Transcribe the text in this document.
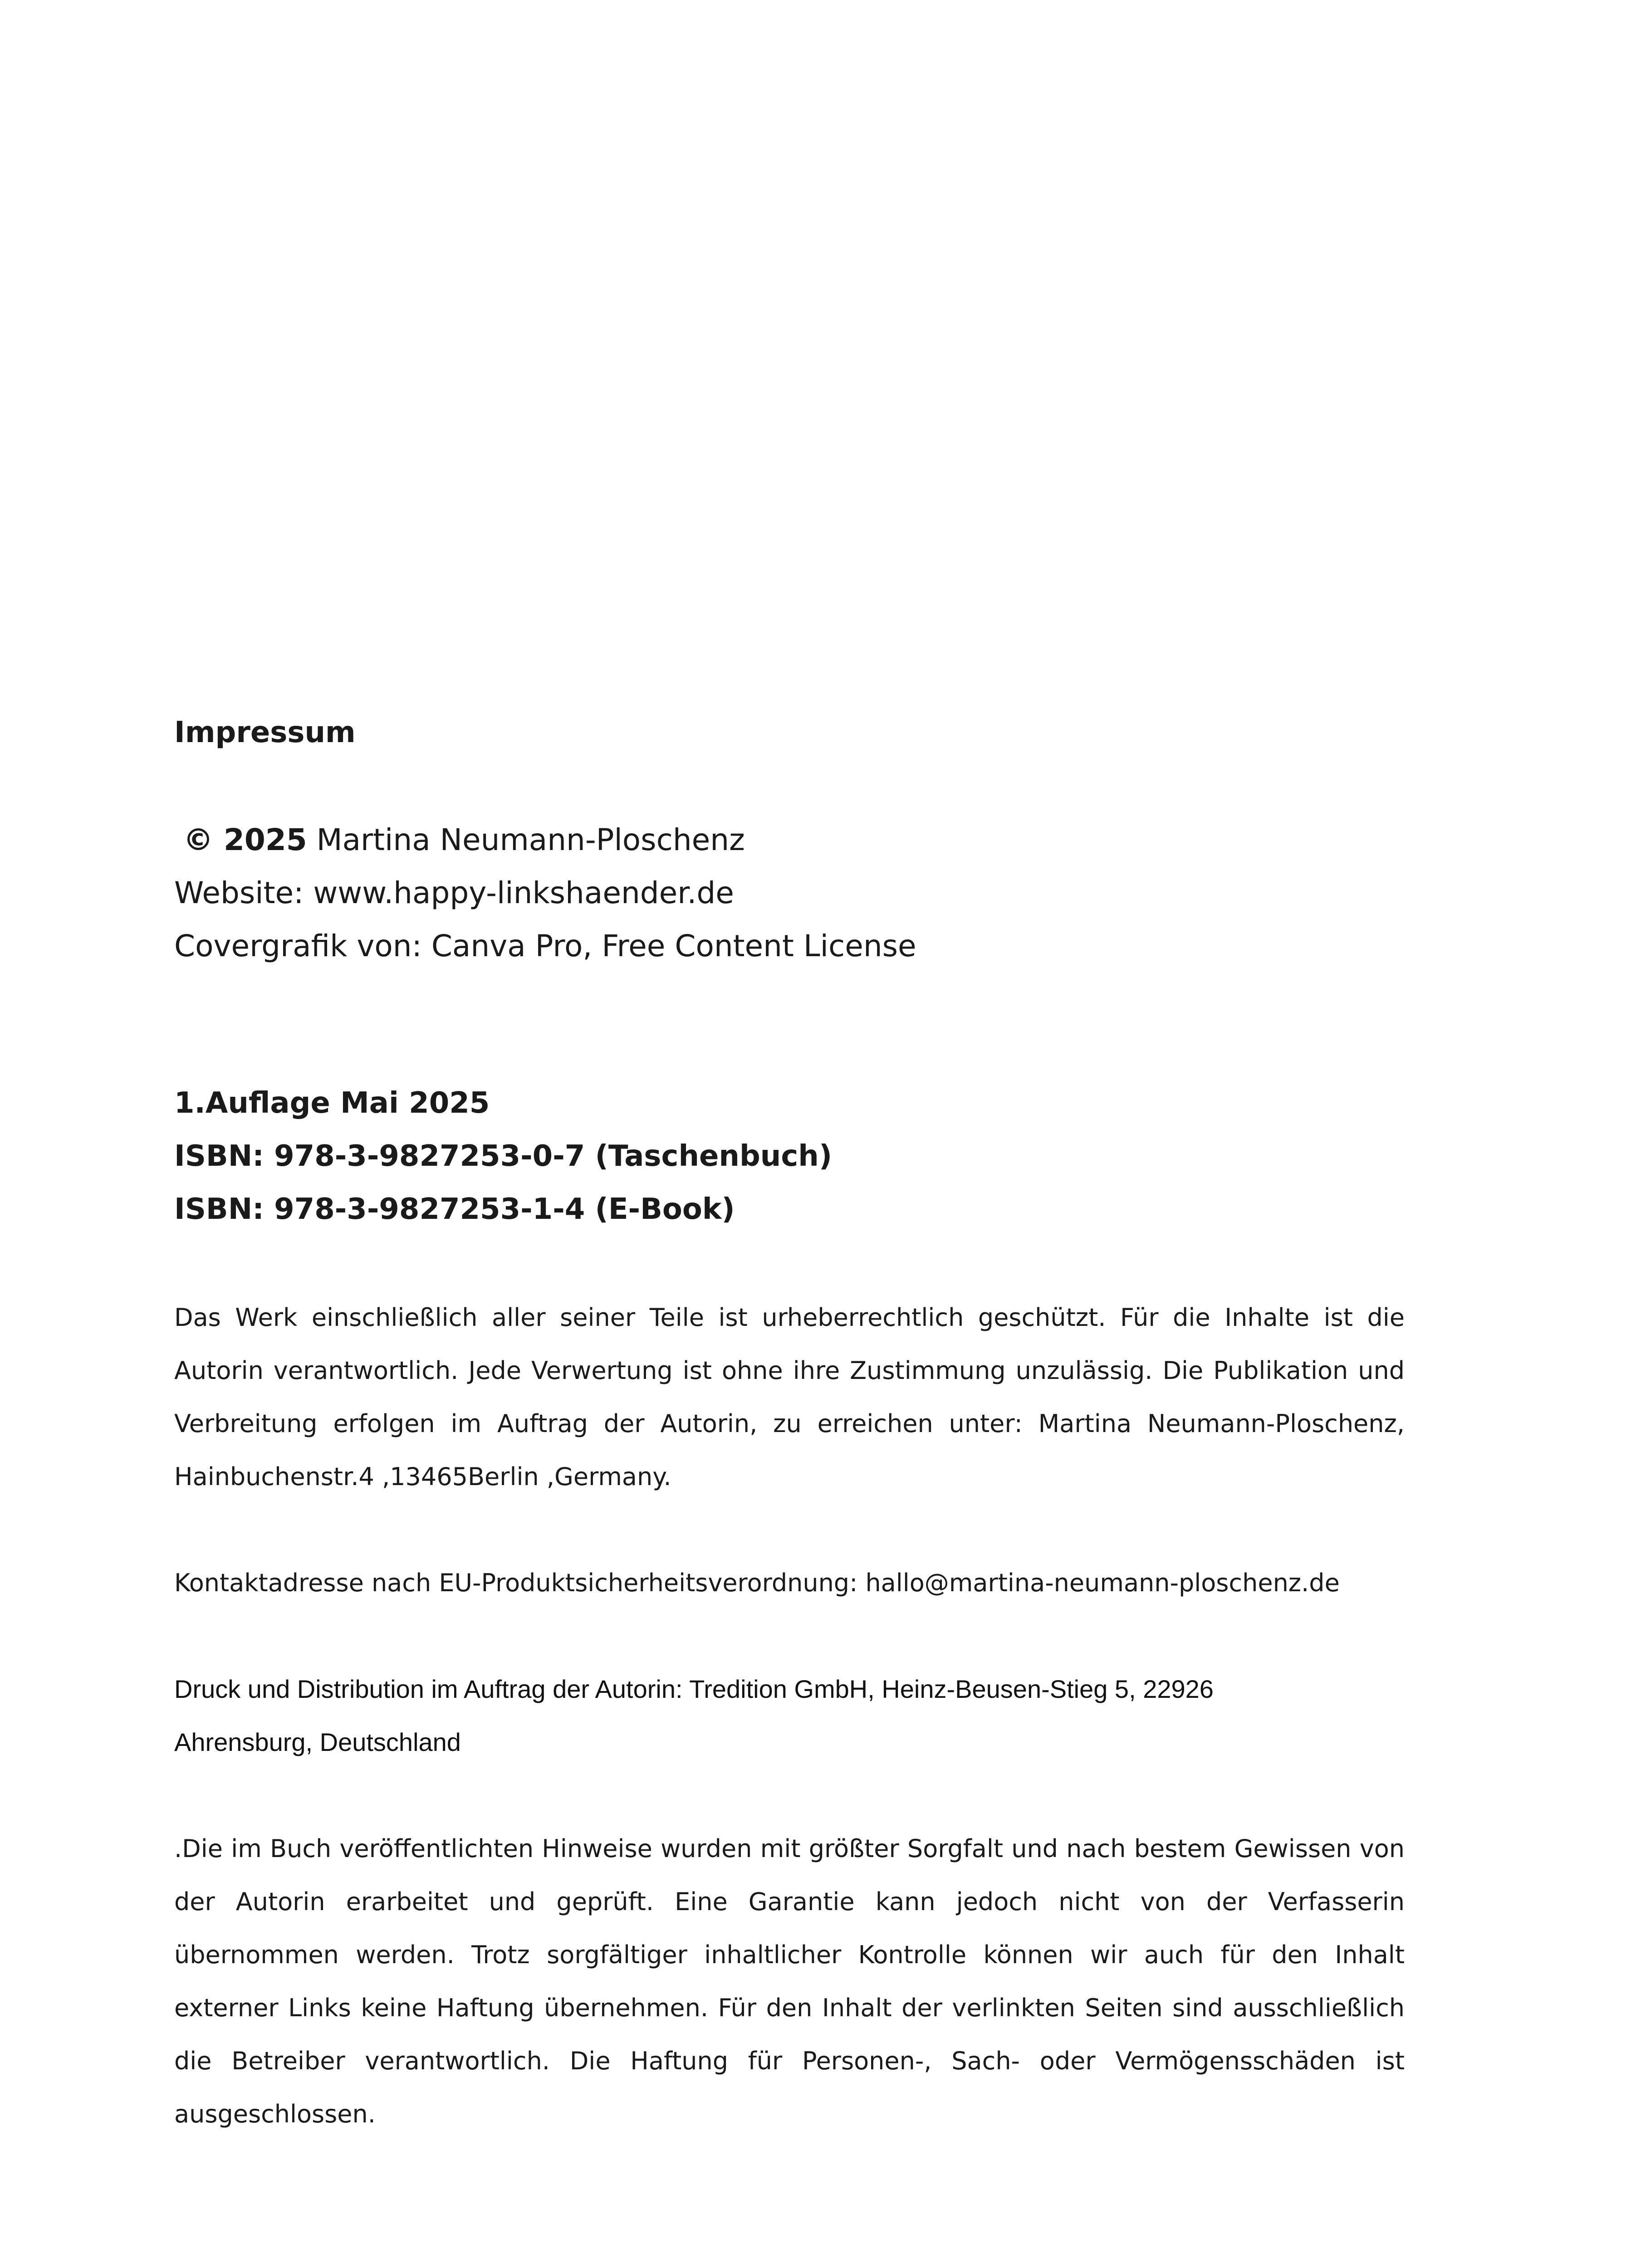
Impressum
© 2025 Martina Neumann-Ploschenz
Website: www.happy-linkshaender.de
Covergrafik von: Canva Pro, Free Content License
1.Auflage Mai 2025
ISBN: 978-3-9827253-0-7 (Taschenbuch)
ISBN: 978-3-9827253-1-4 (E-Book)

Das Werk einschließlich aller seiner Teile ist urheberrechtlich geschützt. Für die Inhalte ist die Autorin verantwortlich. Jede Verwertung ist ohne ihre Zustimmung unzulässig. Die Publikation und Verbreitung erfolgen im Auftrag der Autorin, zu erreichen unter: Martina Neumann-Ploschenz, Hainbuchenstr.4 ,13465Berlin ,Germany.

Kontaktadresse nach EU-Produktsicherheitsverordnung: hallo@martina-neumann-ploschenz.de

Druck und Distribution im Auftrag der Autorin: Tredition GmbH, Heinz-Beusen-Stieg 5, 22926 Ahrensburg, Deutschland

.Die im Buch veröffentlichten Hinweise wurden mit größter Sorgfalt und nach bestem Gewissen von der Autorin erarbeitet und geprüft. Eine Garantie kann jedoch nicht von der Verfasserin übernommen werden. Trotz sorgfältiger inhaltlicher Kontrolle können wir auch für den Inhalt externer Links keine Haftung übernehmen. Für den Inhalt der verlinkten Seiten sind ausschließlich die Betreiber verantwortlich. Die Haftung für Personen-, Sach- oder Vermögensschäden ist ausgeschlossen.
